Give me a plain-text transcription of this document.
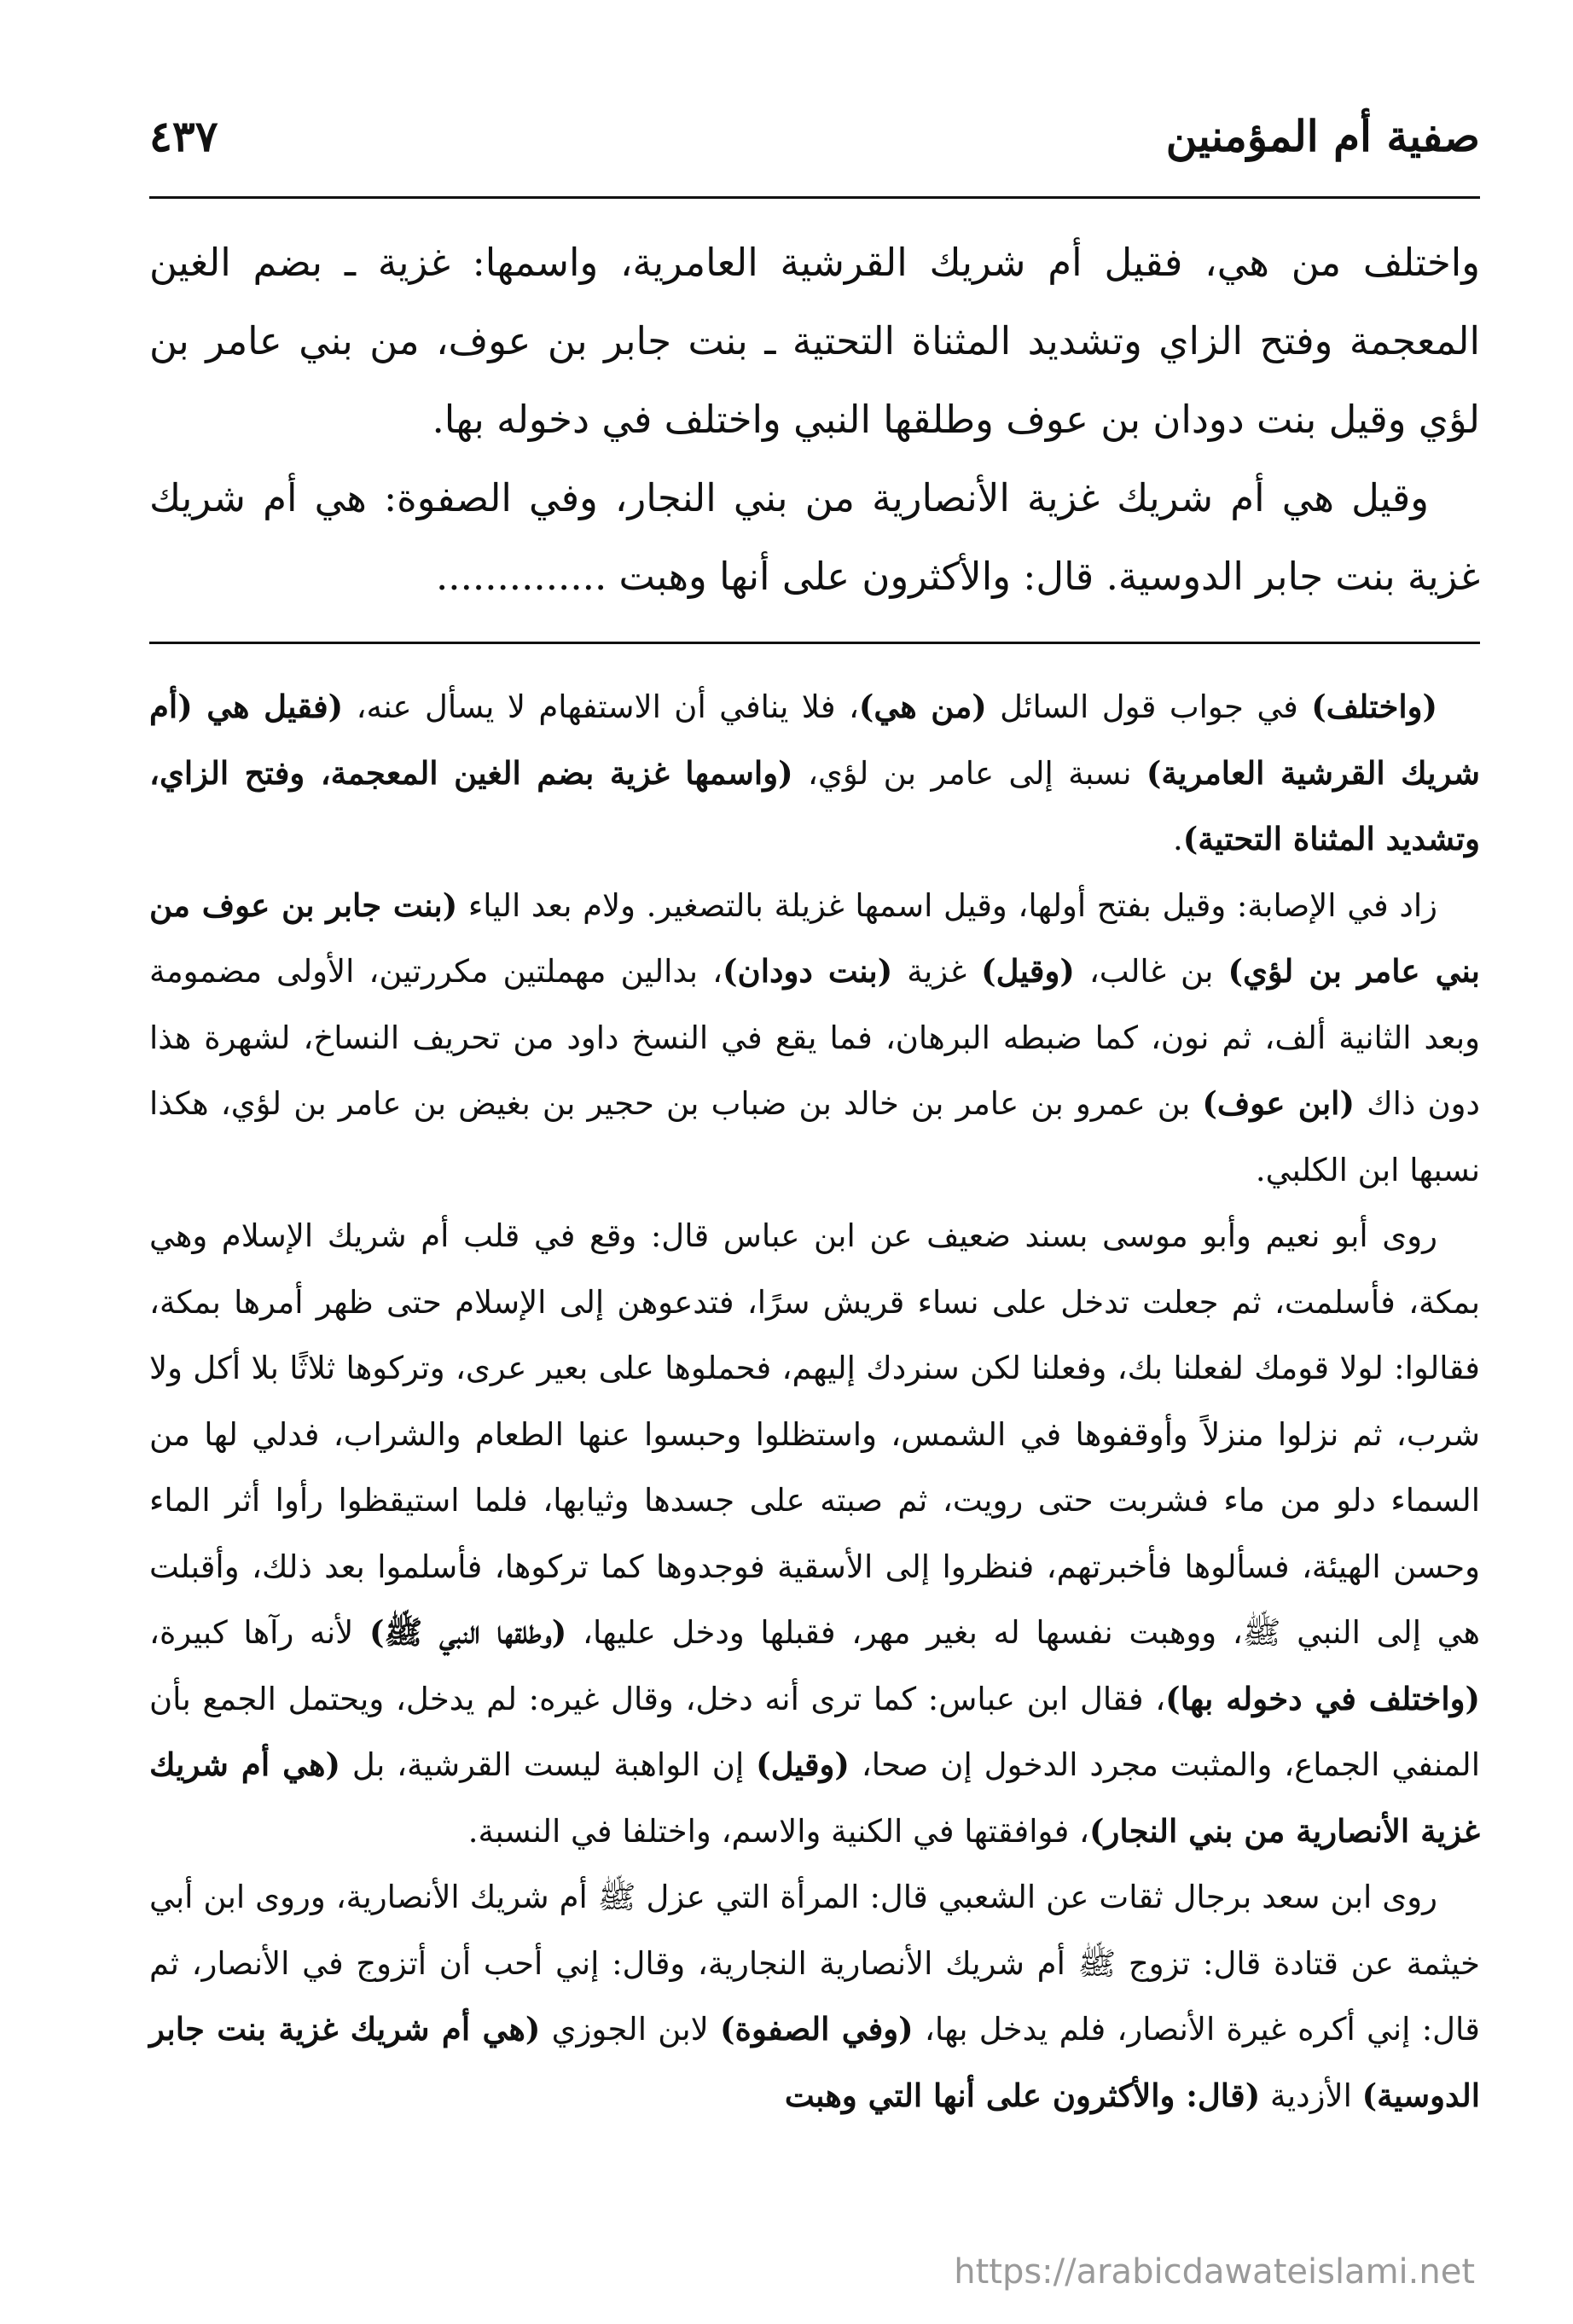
صفية أم المؤمنين
٤٣٧

واختلف من هي، فقيل أم شريك القرشية العامرية، واسمها: غزية ـ بضم الغين المعجمة وفتح الزاي وتشديد المثناة التحتية ـ بنت جابر بن عوف، من بني عامر بن لؤي وقيل بنت دودان بن عوف وطلقها النبي واختلف في دخوله بها.

وقيل هي أم شريك غزية الأنصارية من بني النجار، وفي الصفوة: هي أم شريك غزية بنت جابر الدوسية. قال: والأكثرون على أنها وهبت ..............

(واختلف) في جواب قول السائل (من هي)، فلا ينافي أن الاستفهام لا يسأل عنه، (فقيل هي (أم شريك القرشية العامرية) نسبة إلى عامر بن لؤي، (واسمها غزية بضم الغين المعجمة، وفتح الزاي، وتشديد المثناة التحتية).

زاد في الإصابة: وقيل بفتح أولها، وقيل اسمها غزيلة بالتصغير. ولام بعد الياء (بنت جابر بن عوف من بني عامر بن لؤي) بن غالب، (وقيل) غزية (بنت دودان)، بدالين مهملتين مكررتين، الأولى مضمومة وبعد الثانية ألف، ثم نون، كما ضبطه البرهان، فما يقع في النسخ داود من تحريف النساخ، لشهرة هذا دون ذاك (ابن عوف) بن عمرو بن عامر بن خالد بن ضباب بن حجير بن بغيض بن عامر بن لؤي، هكذا نسبها ابن الكلبي.

روى أبو نعيم وأبو موسى بسند ضعيف عن ابن عباس قال: وقع في قلب أم شريك الإسلام وهي بمكة، فأسلمت، ثم جعلت تدخل على نساء قريش سرًا، فتدعوهن إلى الإسلام حتى ظهر أمرها بمكة، فقالوا: لولا قومك لفعلنا بك، وفعلنا لكن سنردك إليهم، فحملوها على بعير عرى، وتركوها ثلاثًا بلا أكل ولا شرب، ثم نزلوا منزلاً وأوقفوها في الشمس، واستظلوا وحبسوا عنها الطعام والشراب، فدلي لها من السماء دلو من ماء فشربت حتى رويت، ثم صبته على جسدها وثيابها، فلما استيقظوا رأوا أثر الماء وحسن الهيئة، فسألوها فأخبرتهم، فنظروا إلى الأسقية فوجدوها كما تركوها، فأسلموا بعد ذلك، وأقبلت هي إلى النبي ﷺ، ووهبت نفسها له بغير مهر، فقبلها ودخل عليها، (وطلقها النبي ﷺ) لأنه رآها كبيرة، (واختلف في دخوله بها)، فقال ابن عباس: كما ترى أنه دخل، وقال غيره: لم يدخل، ويحتمل الجمع بأن المنفي الجماع، والمثبت مجرد الدخول إن صحا، (وقيل) إن الواهبة ليست القرشية، بل (هي أم شريك غزية الأنصارية من بني النجار)، فوافقتها في الكنية والاسم، واختلفا في النسبة.

روى ابن سعد برجال ثقات عن الشعبي قال: المرأة التي عزل ﷺ أم شريك الأنصارية، وروى ابن أبي خيثمة عن قتادة قال: تزوج ﷺ أم شريك الأنصارية النجارية، وقال: إني أحب أن أتزوج في الأنصار، ثم قال: إني أكره غيرة الأنصار، فلم يدخل بها، (وفي الصفوة) لابن الجوزي (هي أم شريك غزية بنت جابر الدوسية) الأزدية (قال: والأكثرون على أنها التي وهبت

https://arabicdawateislami.net
